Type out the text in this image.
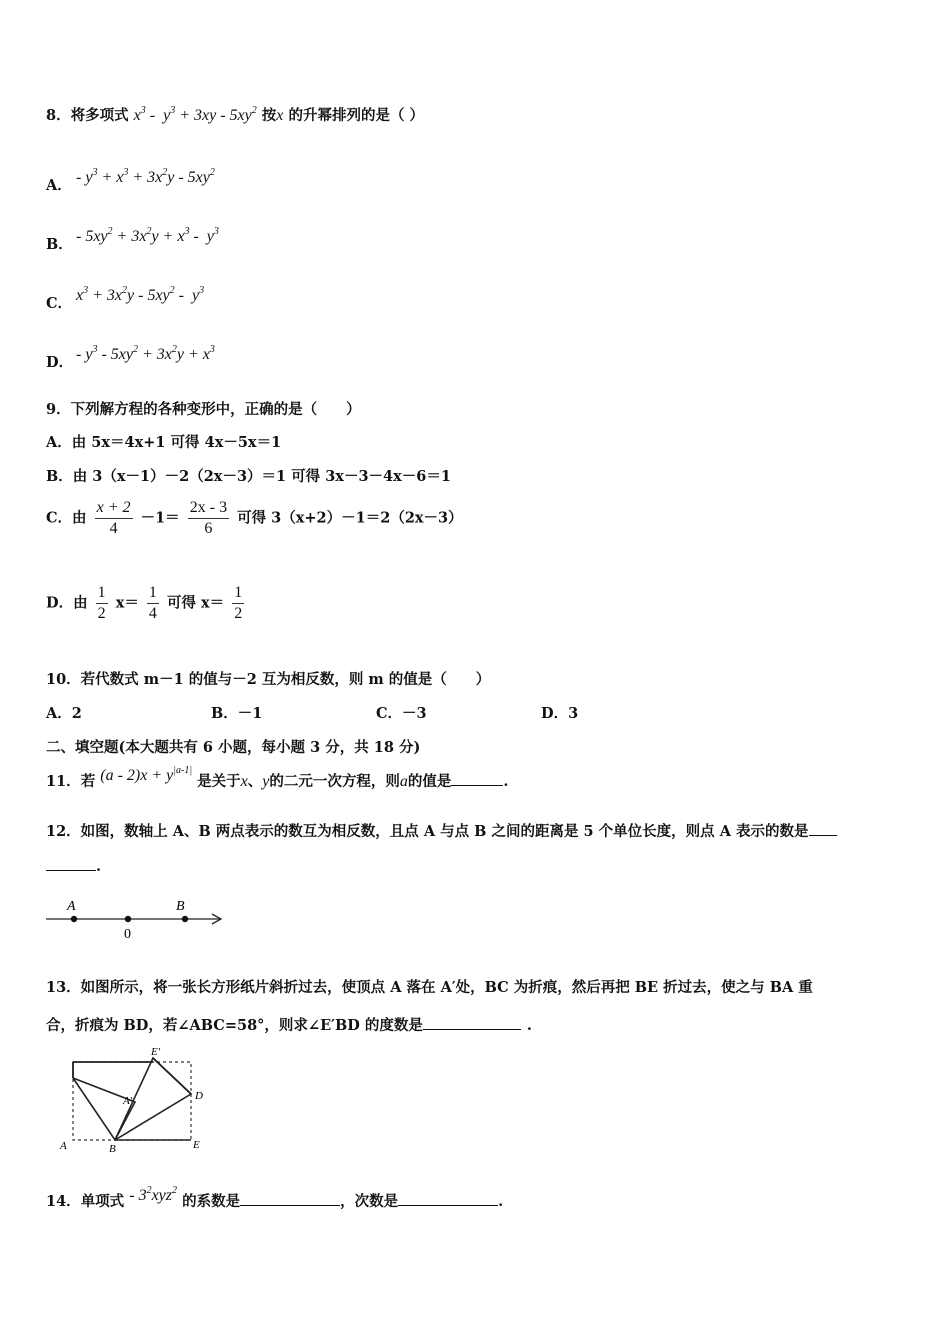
8．将多项式 $x^3 - y^3 + 3xy - 5xy^2$ 按x 的升幂排列的是（ ）
A． - $y^3 + x^3 + 3x^2y - 5xy^2$
B． - $5xy^2 + 3x^2y + x^3 - y^3$
C． $x^3 + 3x^2y - 5xy^2 - y^3$
D． - $y^3 - 5xy^2 + 3x^2y + x^3$
9．下列解方程的各种变形中，正确的是（　　）
A．由 5x＝4x+1 可得 4x－5x＝1
B．由 3（x－1）－2（2x－3）＝1 可得 3x－3－4x－6＝1
C．由 $\frac{x + 2}{4} -1= \frac{2x - 3}{6}$ 可得 3（x+2）－1＝2（2x－3）
D．由 $\frac{1}{2} x= \frac{1}{4}$ 可得 $x= \frac{1}{2}$
10．若代数式 m－1 的值与－2 互为相反数，则 m 的值是（　　）
A．2	B．－1	C．－3	D．3
二、填空题(本大题共有 6 小题，每小题 3 分，共 18 分)
11．若 $(a - 2)x + y^{|a-1|}$ 是关于x、y的二元一次方程，则a的值是	.
12．如图，数轴上 A、B 两点表示的数互为相反数，且点 A 与点 B 之间的距离是 5 个单位长度，则点 A 表示的数是
.
A	B
0
13．如图所示，将一张长方形纸片斜折过去，使顶点 A 落在 A′处，BC 为折痕，然后再把 BE 折过去，使之与 BA 重
合，折痕为 BD，若∠ABC=58°，则求∠E′BD 的度数是	.
E'
A'	D
A	B	E
14．单项式 - $3^2xyz^2$ 的系数是	，次数是	.
